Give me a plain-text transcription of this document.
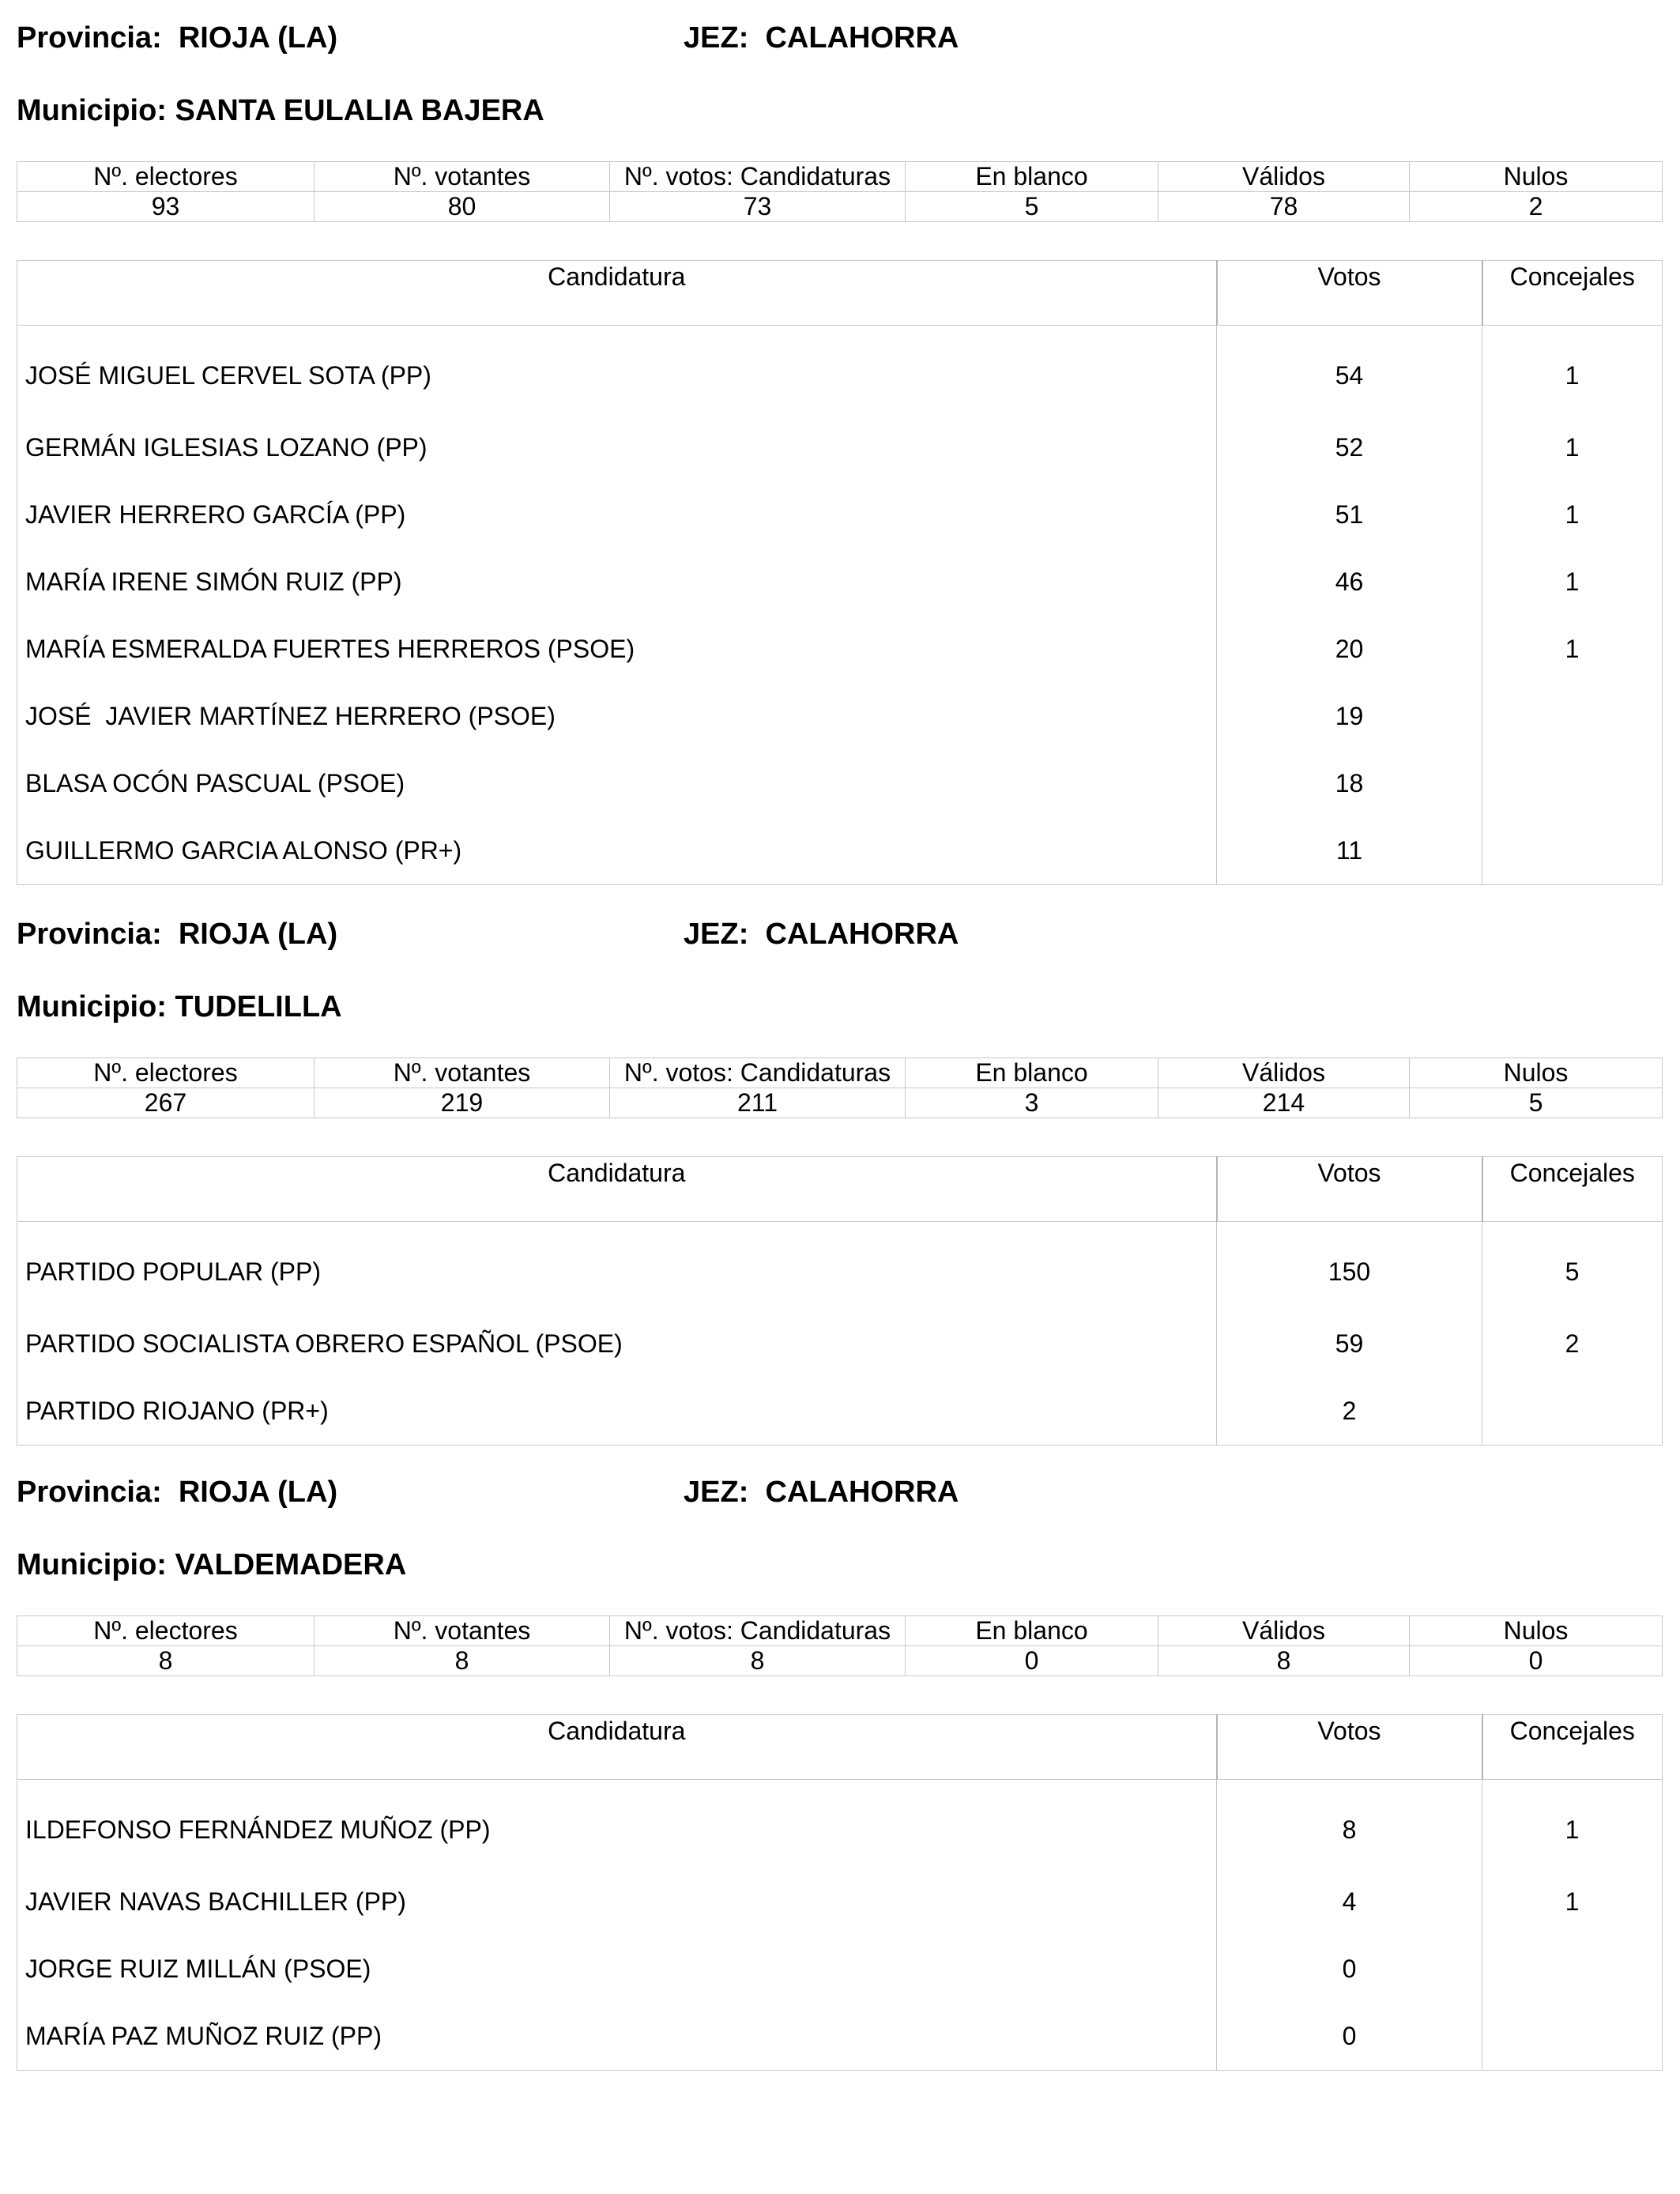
Provincia: RIOJA (LA)	JEZ: CALAHORRA
Municipio: SANTA EULALIA BAJERA
Nº. electores	Nº. votantes	Nº. votos: Candidaturas	En blanco	Válidos	Nulos
93	80	73	5	78	2
Candidatura	Votos	Concejales
JOSÉ MIGUEL CERVEL SOTA (PP)	54	1
GERMÁN IGLESIAS LOZANO (PP)	52	1
JAVIER HERRERO GARCÍA (PP)	51	1
MARÍA IRENE SIMÓN RUIZ (PP)	46	1
MARÍA ESMERALDA FUERTES HERREROS (PSOE)	20	1
JOSÉ  JAVIER MARTÍNEZ HERRERO (PSOE)	19	
BLASA OCÓN PASCUAL (PSOE)	18	
GUILLERMO GARCIA ALONSO (PR+)	11	
Provincia: RIOJA (LA)	JEZ: CALAHORRA
Municipio: TUDELILLA
Nº. electores	Nº. votantes	Nº. votos: Candidaturas	En blanco	Válidos	Nulos
267	219	211	3	214	5
Candidatura	Votos	Concejales
PARTIDO POPULAR (PP)	150	5
PARTIDO SOCIALISTA OBRERO ESPAÑOL (PSOE)	59	2
PARTIDO RIOJANO (PR+)	2	
Provincia: RIOJA (LA)	JEZ: CALAHORRA
Municipio: VALDEMADERA
Nº. electores	Nº. votantes	Nº. votos: Candidaturas	En blanco	Válidos	Nulos
8	8	8	0	8	0
Candidatura	Votos	Concejales
ILDEFONSO FERNÁNDEZ MUÑOZ (PP)	8	1
JAVIER NAVAS BACHILLER (PP)	4	1
JORGE RUIZ MILLÁN (PSOE)	0	
MARÍA PAZ MUÑOZ RUIZ (PP)	0	
